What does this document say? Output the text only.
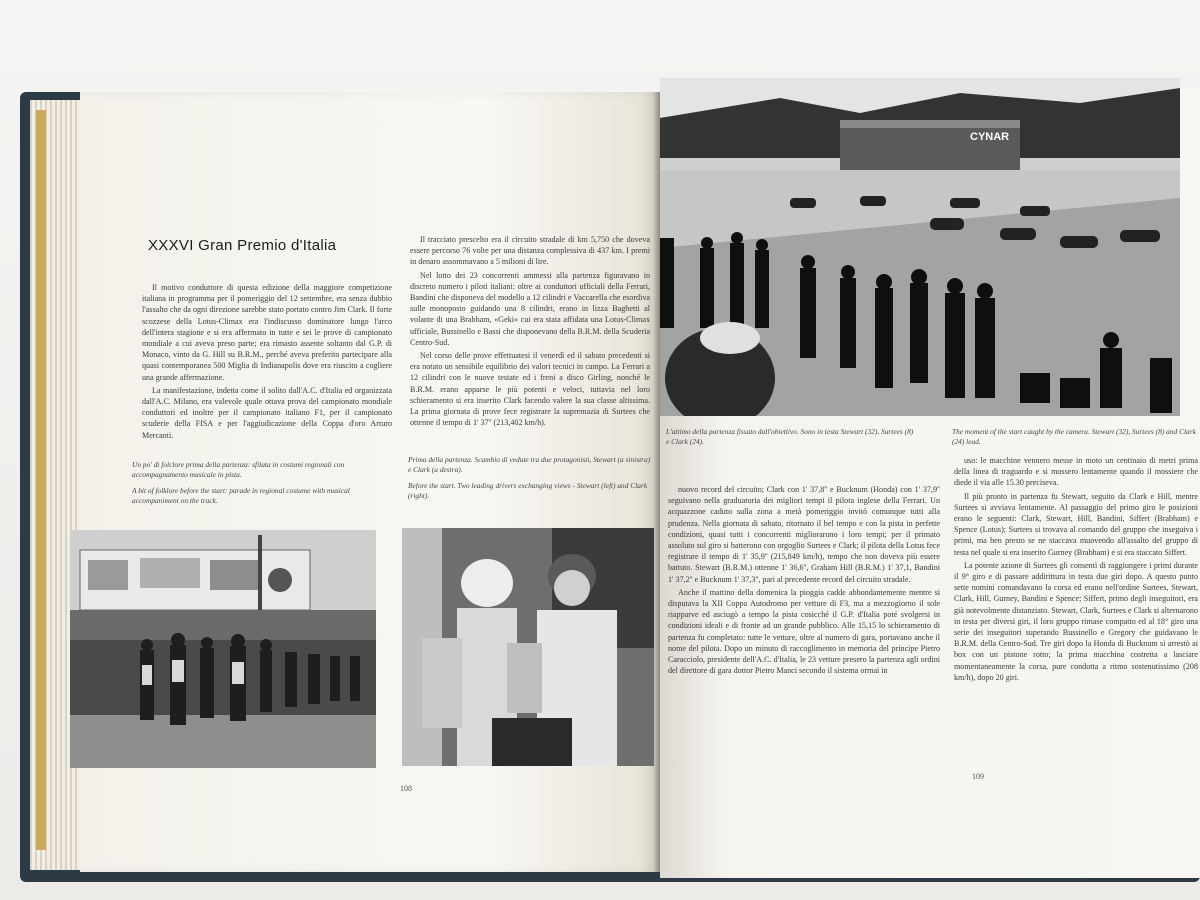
XXXVI Gran Premio d'Italia

Il motivo conduttore di questa edizione della maggiore competizione italiana in programma per il pomeriggio del 12 settembre, era senza dubbio l'assalto che da ogni direzione sarebbe stato portato contro Jim Clark. Il forte scozzese della Lotus-Climax era l'indiscusso dominatore lungo l'arco dell'intera stagione e si era affermato in tutte e sei le prove di campionato mondiale a cui aveva preso parte; era rimasto assente soltanto dal G.P. di Monaco, vinto da G. Hill su B.R.M., perché aveva preferito partecipare alla quasi contemporanea 500 Miglia di Indianapolis dove era riuscito a cogliere una grande affermazione.

La manifestazione, indetta come il solito dall'A.C. d'Italia ed organizzata dall'A.C. Milano, era valevole quale ottava prova del campionato mondiale conduttori ed inoltre per il campionato italiano F1, per il campionato scuderie della FISA e per l'aggiudicazione della Coppa d'oro Arturo Mercanti.

Il tracciato prescelto era il circuito stradale di km 5,750 che doveva essere percorso 76 volte per una distanza complessiva di 437 km. I premi in denaro assommavano a 5 milioni di lire.

Nel lotto dei 23 concorrenti ammessi alla partenza figuravano in discreto numero i piloti italiani: oltre ai conduttori ufficiali della Ferrari, Bandini che disponeva del modello a 12 cilindri e Vaccarella che esordiva sulle monoposto guidando una 8 cilindri, erano in lizza Baghetti al volante di una Brabham, «Geki» cui era stata affidata una Lotus-Climax ufficiale, Bussinello e Bassi che disponevano della B.R.M. della Scuderia Centro-Sud.

Nel corso delle prove effettuatesi il venerdì ed il sabato precedenti si era notato un sensibile equilibrio dei valori tecnici in campo. La Ferrari a 12 cilindri con le nuove testate ed i freni a disco Girling, nonché le B.R.M. erano apparse le più potenti e veloci, tuttavia nel loro schieramento si era inserito Clark facendo valere la sua classe altissima. La prima giornata di prove fece registrare la supremazia di Surtees che ottenne il tempo di 1' 37'' (213,402 km/h).

Un po' di folclore prima della partenza: sfilata in costumi regionali con accompagnamento musicale in pista.

A bit of folklore before the start: parade in regional costume with musical accompaniment on the track.

Prima della partenza. Scambio di vedute tra due protagonisti, Stewart (a sinistra) e Clark (a destra).

Before the start. Two leading drivers exchanging views - Stewart (left) and Clark (right).

108
CYNAR
L'attimo della partenza fissato dall'obiettivo. Sono in testa Stewart (32), Surtees (8) e Clark (24).
The moment of the start caught by the camera. Stewart (32), Surtees (8) and Clark (24) lead.

nuovo record del circuito; Clark con 1' 37,8'' e Bucknum (Honda) con 1' 37,9'' seguivano nella graduatoria dei migliori tempi il pilota inglese della Ferrari. Un acquazzone caduto sulla zona a metà pomeriggio invitò comunque tutti alla prudenza. Nella giornata di sabato, ritornato il bel tempo e con la pista in perfette condizioni, quasi tutti i concorrenti migliorarono i loro tempi; per il primato assoluto sul giro si batterono con orgoglio Surtees e Clark; il pilota della Lotus fece registrare il tempo di 1' 35,9'' (215,849 km/h), tempo che non doveva più essere battuto. Stewart (B.R.M.) ottenne 1' 36,6'', Graham Hill (B.R.M.) 1' 37,1, Bandini 1' 37,2'' e Bucknum 1' 37,3'', pari al precedente record del circuito stradale.

Anche il mattino della domenica la pioggia cadde abbondantemente mentre si disputava la XII Coppa Autodromo per vetture di F3, ma a mezzogiorno il sole riapparve ed asciugò a tempo la pista cosicché il G.P. d'Italia poté svolgersi in condizioni ideali e di fronte ad un grande pubblico. Alle 15,15 lo schieramento di partenza fu completato: tutte le vetture, oltre al numero di gara, portavano anche il nome del pilota. Dopo un minuto di raccoglimento in memoria del principe Pietro Caracciolo, presidente dell'A.C. d'Italia, le 23 vetture presero la partenza agli ordini del direttore di gara dottor Pietro Manci secondo il sistema ormai in

uso: le macchine vennero messe in moto un centinaio di metri prima della linea di traguardo e si mossero lentamente quando il mossiere che diede il via alle 15.30 preciseva.

Il più pronto in partenza fu Stewart, seguito da Clark e Hill, mentre Surtees si avviava lentamente. Al passaggio del primo giro le posizioni erano le seguenti: Clark, Stewart, Hill, Bandini, Siffert (Brabham) e Spence (Lotus); Surtees si trovava al comando del gruppo che inseguiva i primi, ma ben presto se ne staccava muovendo all'assalto del gruppo di testa nel quale si era inserito Gurney (Brabham) e si era staccato Siffert.

La potente azione di Surtees gli consentì di raggiungere i primi durante il 9° giro e di passare addirittura in testa due giri dopo. A questo punto sette nomini comandavano la corsa ed erano nell'ordine Surtees, Stewart, Clark, Hill, Gurney, Bandini e Spence; Siffert, primo degli inseguitori, era già notevolmente distanziato. Stewart, Clark, Surtees e Clark si alternarono in testa per diversi giri, il loro gruppo rimase compatto ed al 18° giro una serie dei inseguitori superando Bussinello e Gregory che guidavano le B.R.M. della Centro-Sud. Tre giri dopo la Honda di Bucknum si arrestò ai box con un pistone rotto; la prima macchina costretta a lasciare momentaneamente la corsa, pure condotta a ritmo sostenutissimo (208 km/h), dopo 20 giri.

109
